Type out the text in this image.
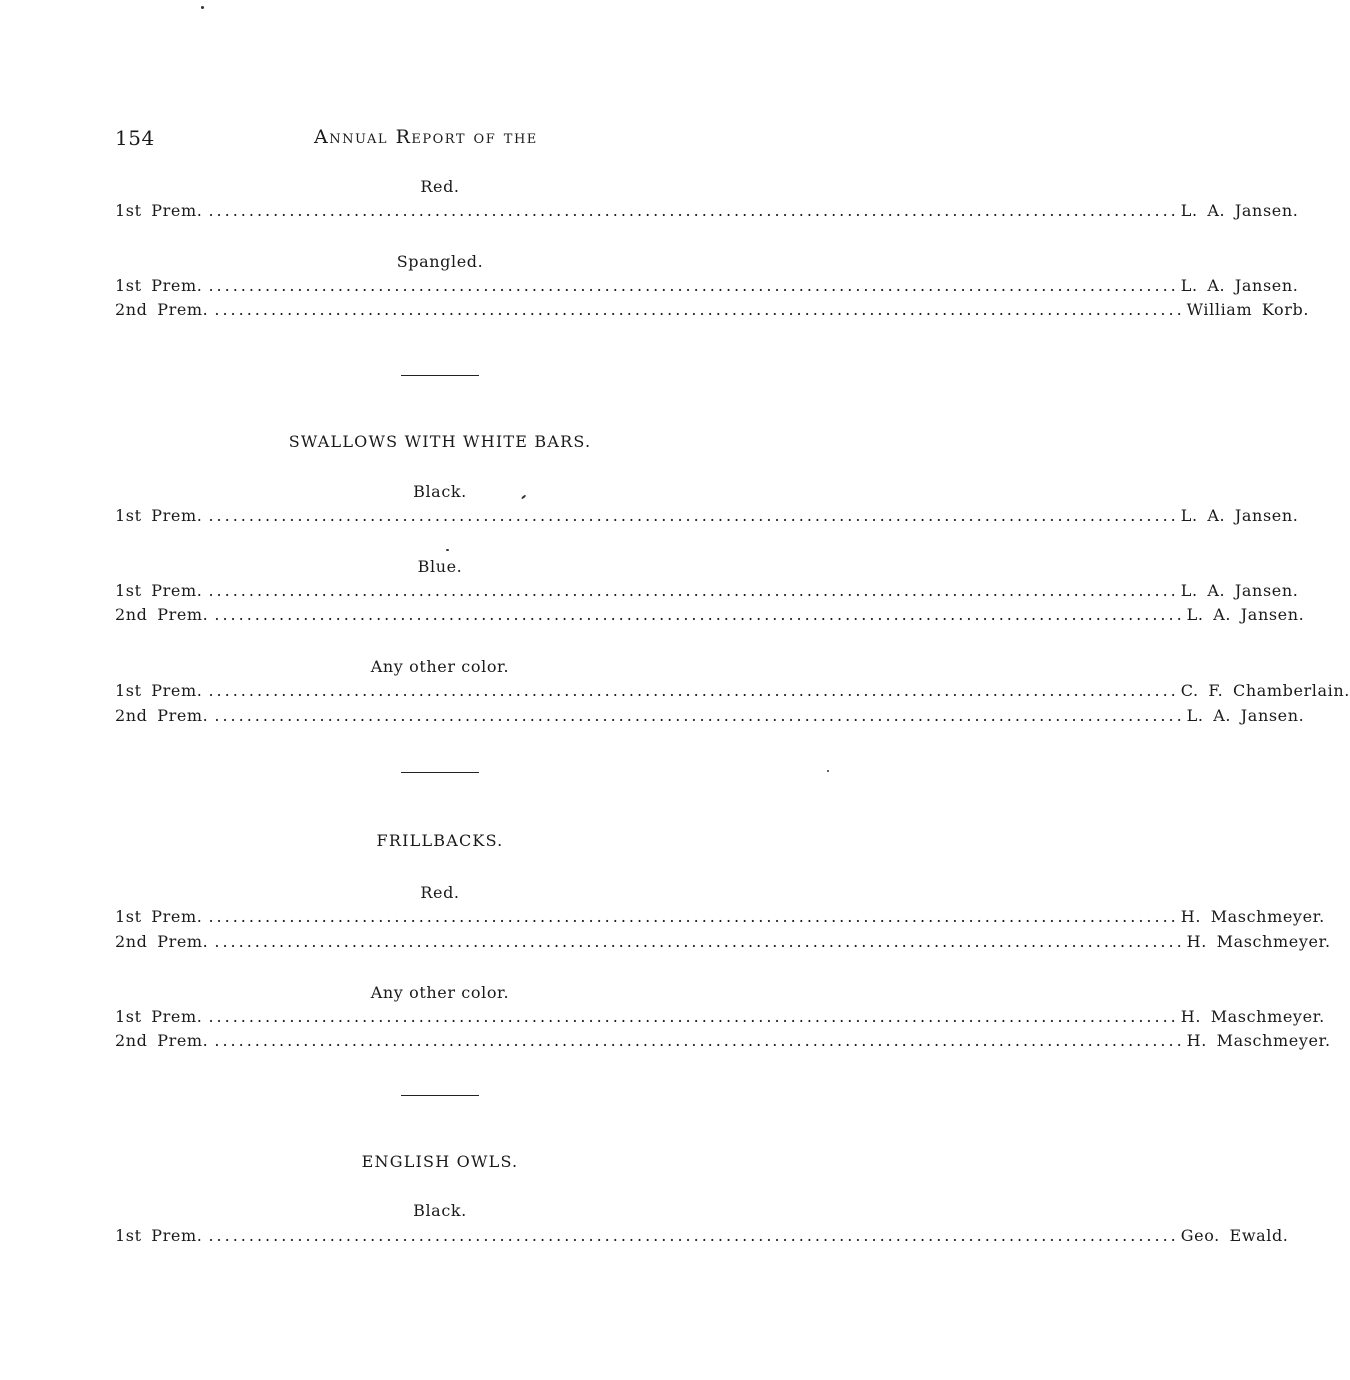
154	Annual Report of the
Red.
1st Prem. ........................................................................................................................ L. A. Jansen.
Spangled.
1st Prem. ........................................................................................................................ L. A. Jansen.
2nd Prem. ........................................................................................................................ William Korb.
SWALLOWS WITH WHITE BARS.
Black.
1st Prem. ........................................................................................................................ L. A. Jansen.
Blue.
1st Prem. ........................................................................................................................ L. A. Jansen.
2nd Prem. ........................................................................................................................ L. A. Jansen.
Any other color.
1st Prem. ........................................................................................................................ C. F. Chamberlain.
2nd Prem. ........................................................................................................................ L. A. Jansen.
FRILLBACKS.
Red.
1st Prem. ........................................................................................................................ H. Maschmeyer.
2nd Prem. ........................................................................................................................ H. Maschmeyer.
Any other color.
1st Prem. ........................................................................................................................ H. Maschmeyer.
2nd Prem. ........................................................................................................................ H. Maschmeyer.
ENGLISH OWLS.
Black.
1st Prem. ........................................................................................................................ Geo. Ewald.
